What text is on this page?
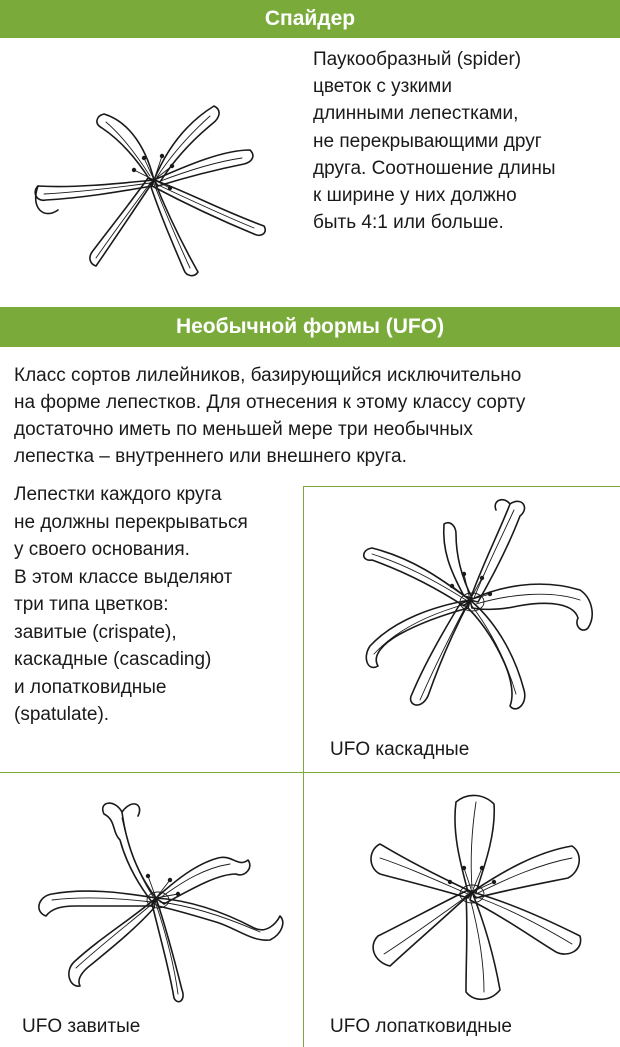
Спайдер
Паукообразный (spider)
цветок с узкими
длинными лепестками,
не перекрывающими друг
друга. Соотношение длины
к ширине у них должно
быть 4:1 или больше.
Необычной формы (UFO)
Класс сортов лилейников, базирующийся исключительно
на форме лепестков. Для отнесения к этому классу сорту
достаточно иметь по меньшей мере три необычных
лепестка – внутреннего или внешнего круга.
Лепестки каждого круга
не должны перекрываться
у своего основания.
В этом классе выделяют
три типа цветков:
завитые (crispate),
каскадные (cascading)
и лопатковидные
(spatulate).
UFO каскадные
UFO завитые	UFO лопатковидные
